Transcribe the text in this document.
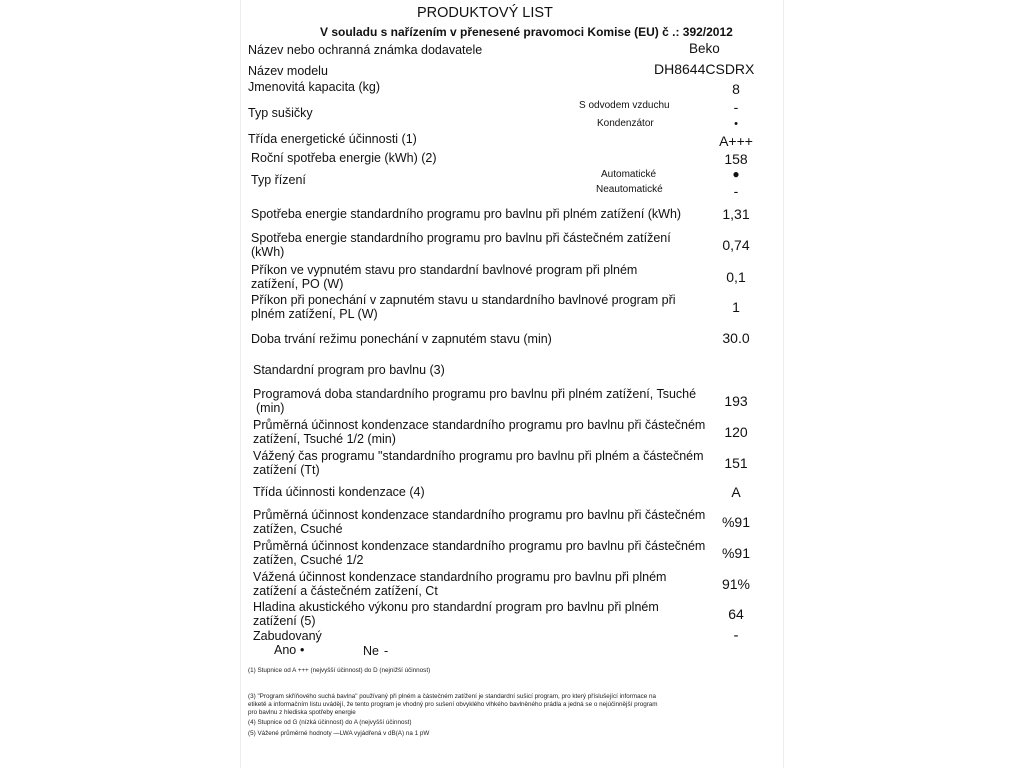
PRODUKTOVÝ LIST
V souladu s nařízením v přenesené pravomoci Komise (EU) č .: 392/2012
Název nebo ochranná známka dodavatele	Beko
Název modelu	DH8644CSDRX
Jmenovitá kapacita (kg)	8
Typ sušičky
S odvodem vzduchu	-
Kondenzátor	•
Třída energetické účinnosti (1)	A+++
Roční spotřeba energie (kWh) (2)	158
Typ řízení	Automatické	●
Neautomatické	-
Spotřeba energie standardního programu pro bavlnu při plném zatížení (kWh)	1,31
Spotřeba energie standardního programu pro bavlnu při částečném zatížení
(kWh)	0,74
Příkon ve vypnutém stavu pro standardní bavlnové program při plném
zatížení, PO (W)	0,1
Příkon při ponechání v zapnutém stavu u standardního bavlnové program při
plném zatížení, PL (W)	1
Doba trvání režimu ponechání v zapnutém stavu (min)	30.0
Standardní program pro bavlnu (3)
Programová doba standardního programu pro bavlnu při plném zatížení, Tsuché
(min)	193
Průměrná účinnost kondenzace standardního programu pro bavlnu při částečném
zatížení, Tsuché 1/2 (min)	120
Vážený čas programu "standardního programu pro bavlnu při plném a částečném
zatížení (Tt)	151
Třída účinnosti kondenzace (4)	A
Průměrná účinnost kondenzace standardního programu pro bavlnu při částečném
zatížen, Csuché	%91
Průměrná účinnost kondenzace standardního programu pro bavlnu při částečném
zatížen, Csuché 1/2	%91
Vážená účinnost kondenzace standardního programu pro bavlnu při plném
zatížení a částečném zatížení, Ct	91%
Hladina akustického výkonu pro standardní program pro bavlnu při plném
zatížení (5)	64
Zabudovaný	-
Ano •	Ne -
(1) Stupnice od A +++ (nejvyšší účinnost) do D (nejnižší účinnost)
(3) "Program skříňového suchá bavlna" používaný při plném a částečném zatížení je standardní sušicí program, pro který příslušející informace na
etiketě a informačním listu uvádějí, že tento program je vhodný pro sušení obvyklého vlhkého bavlněného prádla a jedná se o nejúčinnější program
pro bavlnu z hlediska spotřeby energie
(4) Stupnice od G (nízká účinnost) do A (nejvyšší účinnost)
(5) Vážené průměrné hodnoty —LWA vyjádřená v dB(A) na 1 pW
